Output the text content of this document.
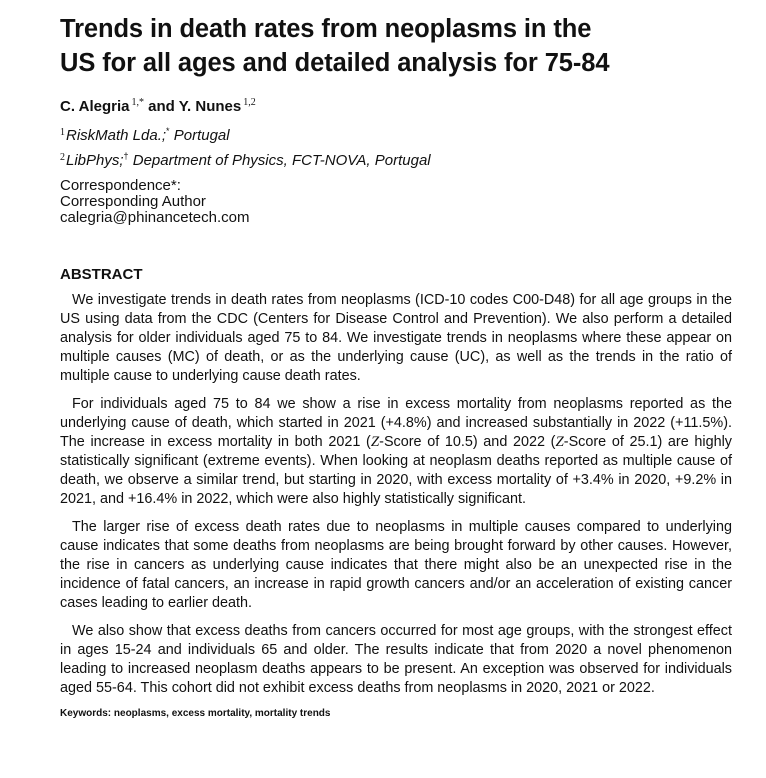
Trends in death rates from neoplasms in the
US for all ages and detailed analysis for 75-84
C. Alegria $^{1,*}$ and Y. Nunes $^{1,2}$
$^1$RiskMath Lda.;* Portugal
$^2$LibPhys;† Department of Physics, FCT-NOVA, Portugal
Correspondence*:
Corresponding Author
calegria@phinancetech.com
ABSTRACT

We investigate trends in death rates from neoplasms (ICD-10 codes C00-D48) for all age groups in the US using data from the CDC (Centers for Disease Control and Prevention). We also perform a detailed analysis for older individuals aged 75 to 84. We investigate trends in neoplasms where these appear on multiple causes (MC) of death, or as the underlying cause (UC), as well as the trends in the ratio of multiple cause to underlying cause death rates.

For individuals aged 75 to 84 we show a rise in excess mortality from neoplasms reported as the underlying cause of death, which started in 2021 (+4.8%) and increased substantially in 2022 (+11.5%). The increase in excess mortality in both 2021 (Z-Score of 10.5) and 2022 (Z-Score of 25.1) are highly statistically significant (extreme events). When looking at neoplasm deaths reported as multiple cause of death, we observe a similar trend, but starting in 2020, with excess mortality of +3.4% in 2020, +9.2% in 2021, and +16.4% in 2022, which were also highly statistically significant.

The larger rise of excess death rates due to neoplasms in multiple causes compared to underlying cause indicates that some deaths from neoplasms are being brought forward by other causes. However, the rise in cancers as underlying cause indicates that there might also be an unexpected rise in the incidence of fatal cancers, an increase in rapid growth cancers and/or an acceleration of existing cancer cases leading to earlier death.

We also show that excess deaths from cancers occurred for most age groups, with the strongest effect in ages 15-24 and individuals 65 and older. The results indicate that from 2020 a novel phenomenon leading to increased neoplasm deaths appears to be present. An exception was observed for individuals aged 55-64. This cohort did not exhibit excess deaths from neoplasms in 2020, 2021 or 2022.

Keywords: neoplasms, excess mortality, mortality trends
